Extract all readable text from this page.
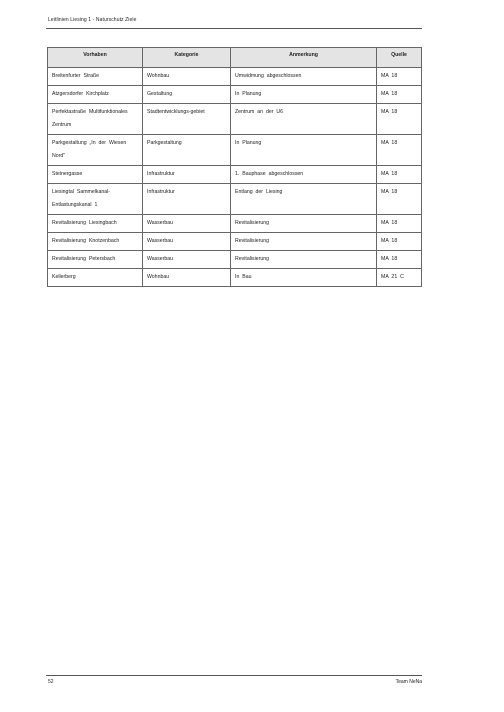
Leitlinien Liesing 1 - Naturschutz Ziele
Vorhaben	Kategorie	Anmerkung	Quelle
Breitenfurter Straße	Wohnbau	Umwidmung abgeschlossen	MA 18
Atzgersdorfer Kirchplatz	Gestaltung	In Planung	MA 18
Perfektastraße Multifunktionales Zentrum	Stadtentwicklungs-gebiet	Zentrum an der U6	MA 18
Parkgestaltung „In der Wiesen Nord"	Parkgestaltung	In Planung	MA 18
Steinergasse	Infrastruktur	1. Bauphase abgeschlossen	MA 18
Liesingtal Sammelkanal-Entlastungskanal 1	Infrastruktur	Entlang der Liesing	MA 18
Revitalisierung Liesingbach	Wasserbau	Revitalisierung	MA 18
Revitalisierung Knotzenbach	Wasserbau	Revitalisierung	MA 18
Revitalisierung Petersbach	Wasserbau	Revitalisierung	MA 18
Kellerberg	Wohnbau	In Bau	MA 21 C
52	Team NeNa
